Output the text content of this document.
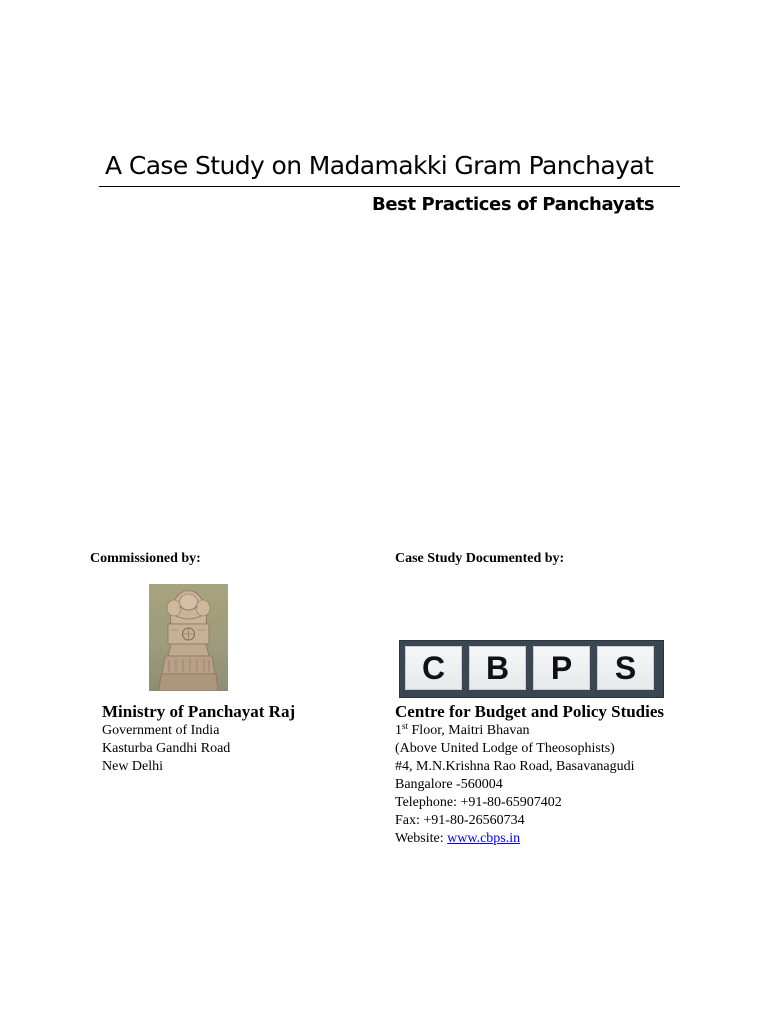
A Case Study on Madamakki Gram Panchayat
Best Practices of Panchayats
Commissioned by:	Case Study Documented by:
C	B	P	S
Ministry of Panchayat Raj	Centre for Budget and Policy Studies
Government of India
Kasturba Gandhi Road
New Delhi
1st Floor, Maitri Bhavan
(Above United Lodge of Theosophists)
#4, M.N.Krishna Rao Road, Basavanagudi
Bangalore -560004
Telephone: +91-80-65907402
Fax: +91-80-26560734
Website: www.cbps.in
